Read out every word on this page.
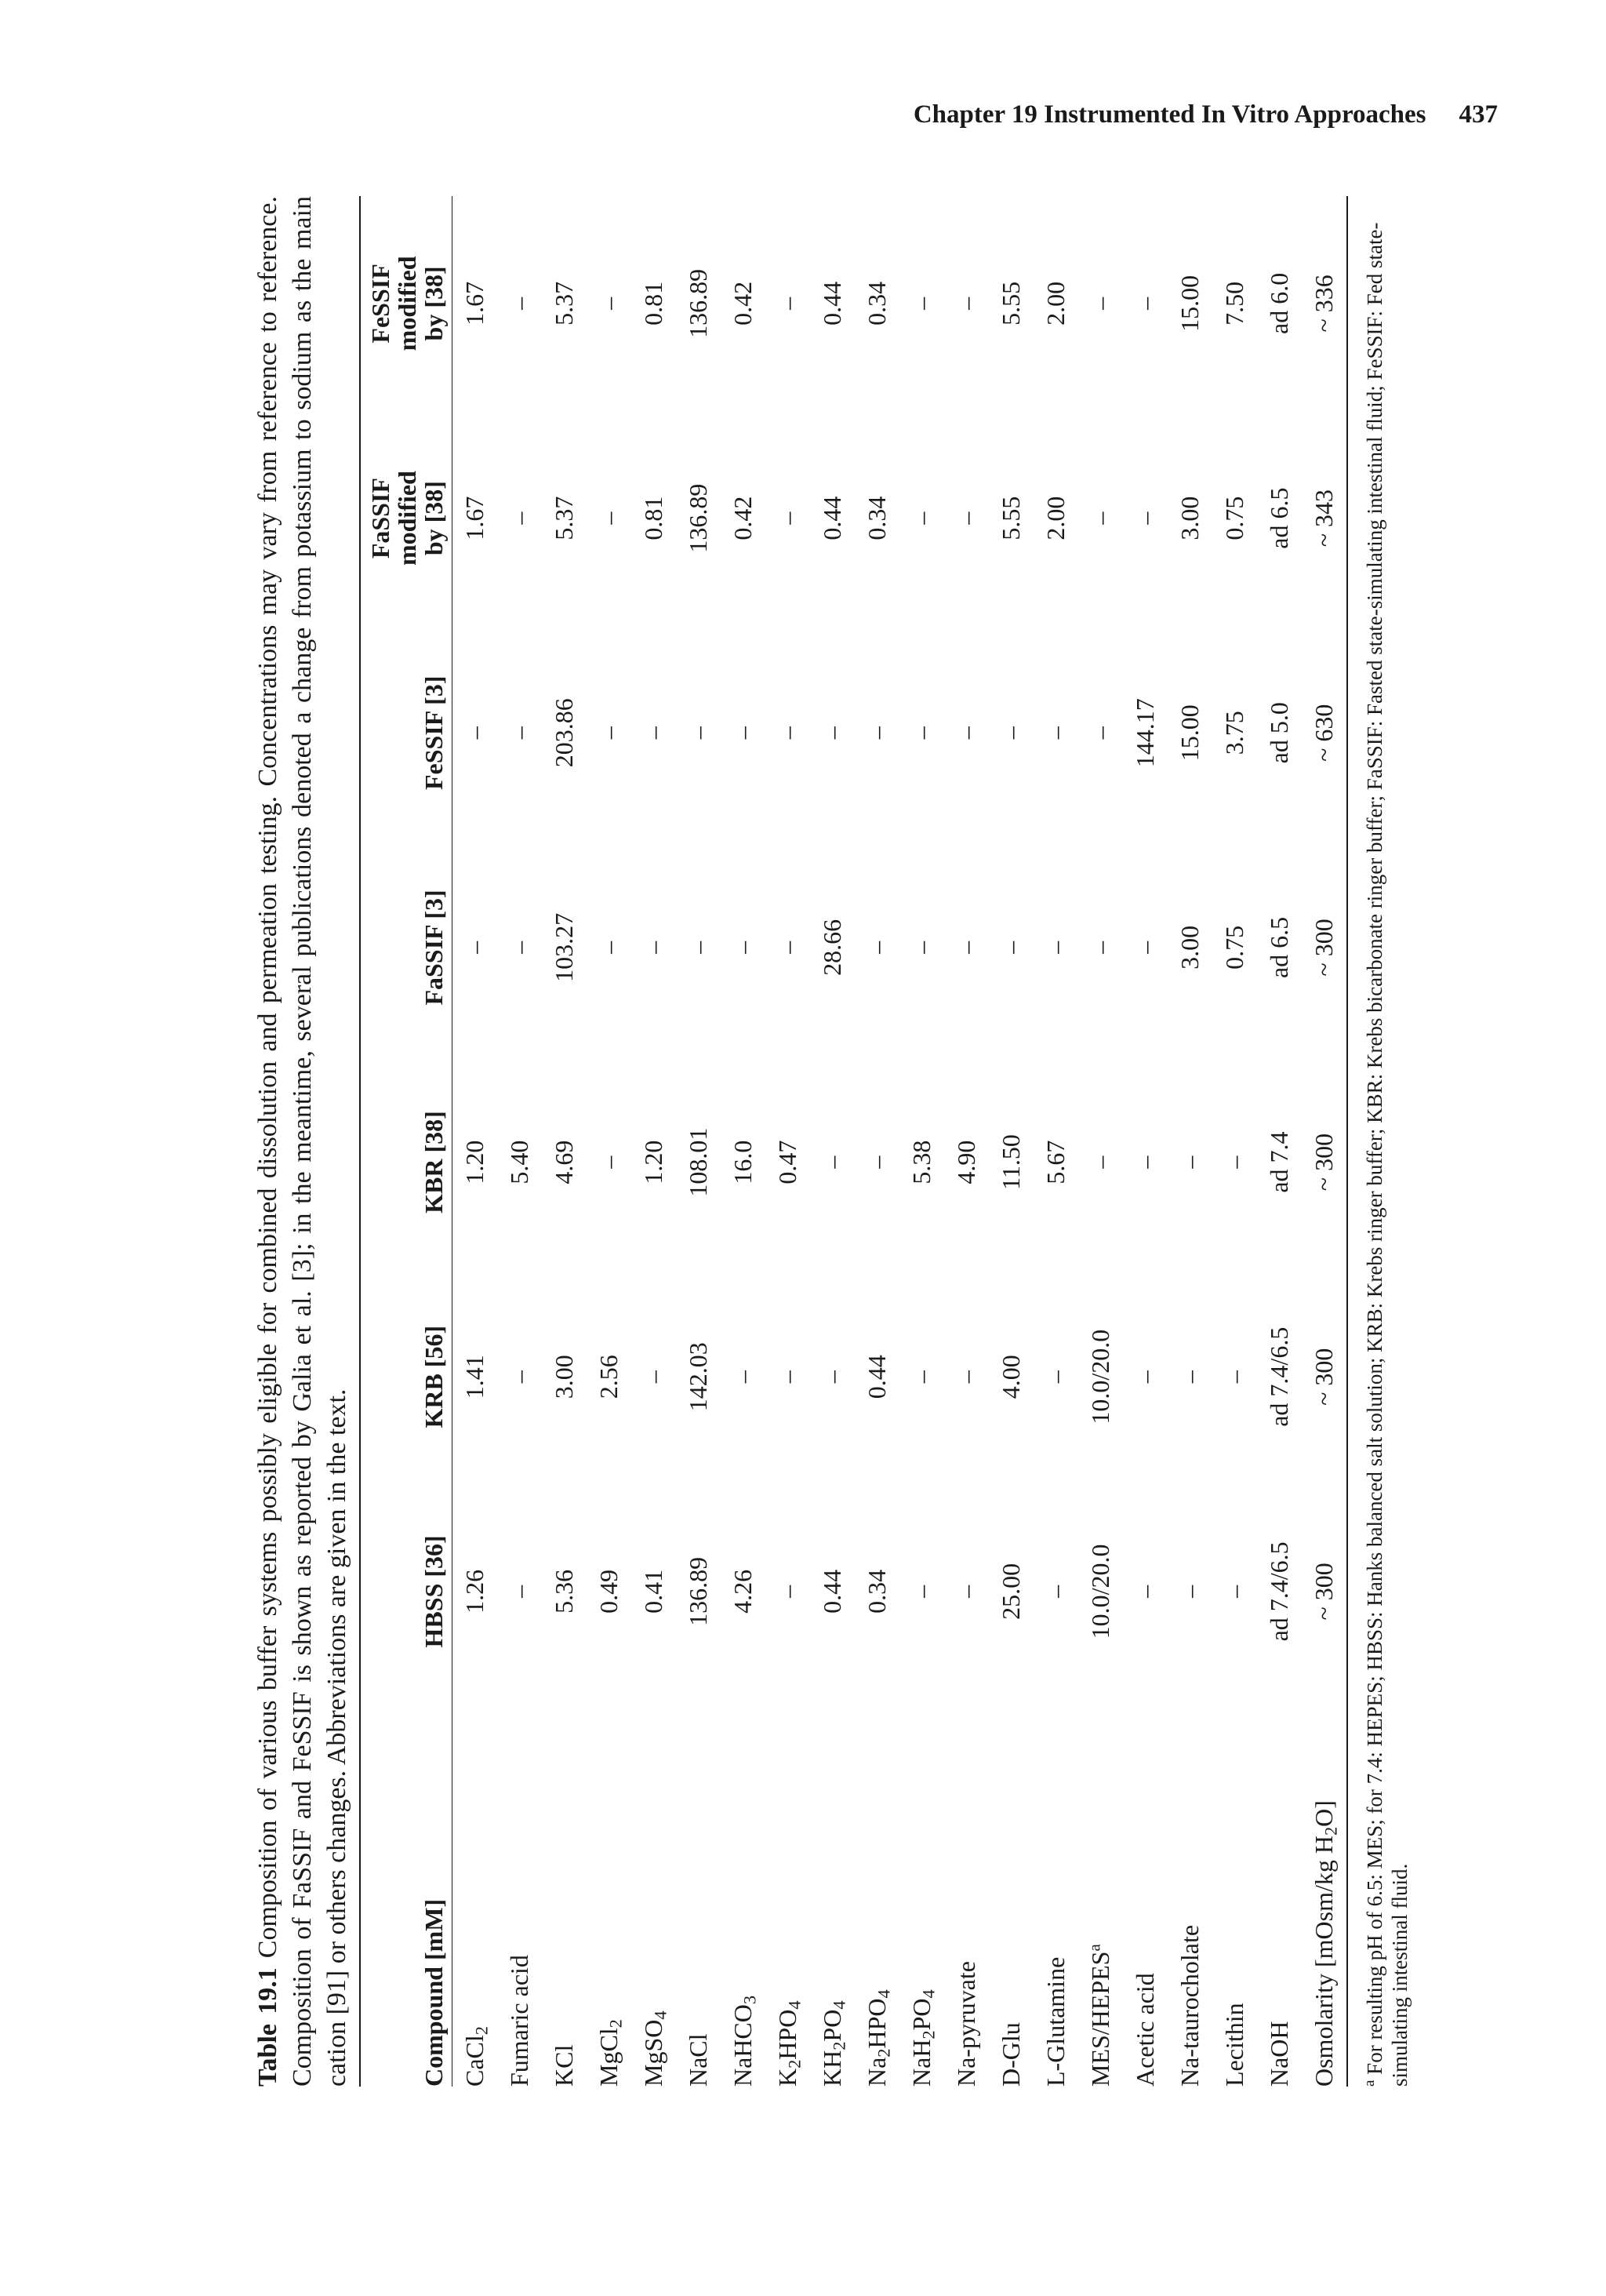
Chapter 19 Instrumented In Vitro Approaches 437

Table 19.1Composition of various buffer systems possibly eligible for combined dissolution and permeation testing. Concentrations may vary from reference to reference. Composition of FaSSIF and FeSSIF is shown as reported by Galia et al. [3]; in the meantime, several publications denoted a change from potassium to sodium as the main cation [91] or others changes. Abbreviations are given in the text.	Compound [mM]	HBSS [36]	KRB [56]	KBR [38]	FaSSIF [3]	FeSSIF [3]	FaSSIF
modified
by [38]	FeSSIF
modified
by [38]
CaCl$_2$	1.26	1.41	1.20	–	–	1.67	1.67
Fumaric acid	–	–	5.40	–	–	–	–
KCl	5.36	3.00	4.69	103.27	203.86	5.37	5.37
MgCl$_2$	0.49	2.56	–	–	–	–	–
MgSO$_4$	0.41	–	1.20	–	–	0.81	0.81
NaCl	136.89	142.03	108.01	–	–	136.89	136.89
NaHCO$_3$	4.26	–	16.0	–	–	0.42	0.42
$K_2HPO_4$	–	–	0.47	–	–	–	–
$KH_2PO_4$	0.44	–	–	28.66	–	0.44	0.44
$Na_2HPO_4$	0.34	0.44	–	–	–	0.34	0.34
$NaH_2PO_4$	–	–	5.38	–	–	–	–
Na-pyruvate	–	–	4.90	–	–	–	–
D-Glu	25.00	4.00	11.50	–	–	5.55	5.55
L-Glutamine	–	–	5.67	–	–	2.00	2.00
MES/HEPES$^a$	10.0/20.0	10.0/20.0	–	–	–	–	–
Acetic acid	–	–	–	–	144.17	–	–
Na-taurocholate	–	–	–	3.00	15.00	3.00	15.00
Lecithin	–	–	–	0.75	3.75	0.75	7.50
NaOH	ad 7.4/6.5	ad 7.4/6.5	ad 7.4	ad 6.5	ad 5.0	ad 6.5	ad 6.0
Osmolarity [mOsm/kg $H_2O$]	~ 300	~ 300	~ 300	~ 300	~ 630	~ 343	~ 336
$^a$ For resulting pH of 6.5: MES; for 7.4: HEPES; HBSS: Hanks balanced salt solution; KRB: Krebs ringer buffer; KBR: Krebs bicarbonate ringer buffer; FaSSIF: Fasted state-simulating intestinal fluid; FeSSIF: Fed state-simulating intestinal fluid.
